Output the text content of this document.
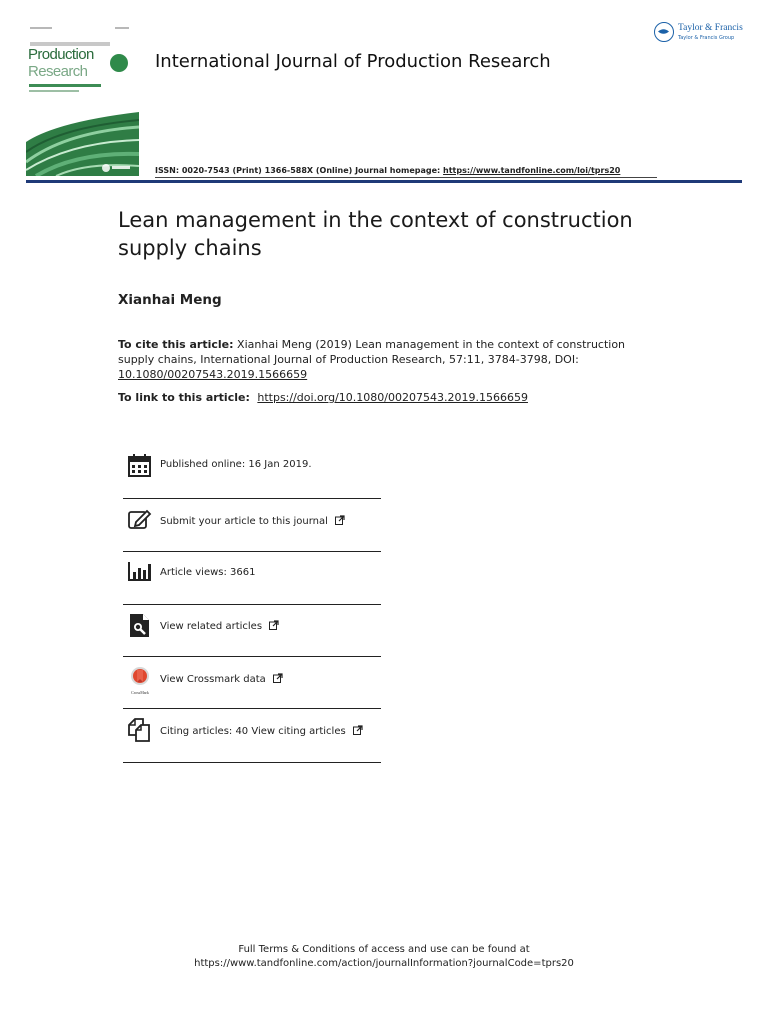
Production
Research	International Journal of Production Research
Taylor & Francis
Taylor & Francis Group
ISSN: 0020-7543 (Print) 1366-588X (Online) Journal homepage: https://www.tandfonline.com/loi/tprs20
Lean management in the context of construction supply chains
Xianhai Meng
To cite this article: Xianhai Meng (2019) Lean management in the context of construction supply chains, International Journal of Production Research, 57:11, 3784-3798, DOI: 10.1080/00207543.2019.1566659
To link to this article: https://doi.org/10.1080/00207543.2019.1566659
Published online: 16 Jan 2019.
Submit your article to this journal
Article views: 3661
View related articles
CrossMark
View Crossmark data
Citing articles: 40 View citing articles
Full Terms & Conditions of access and use can be found at
https://www.tandfonline.com/action/journalInformation?journalCode=tprs20
